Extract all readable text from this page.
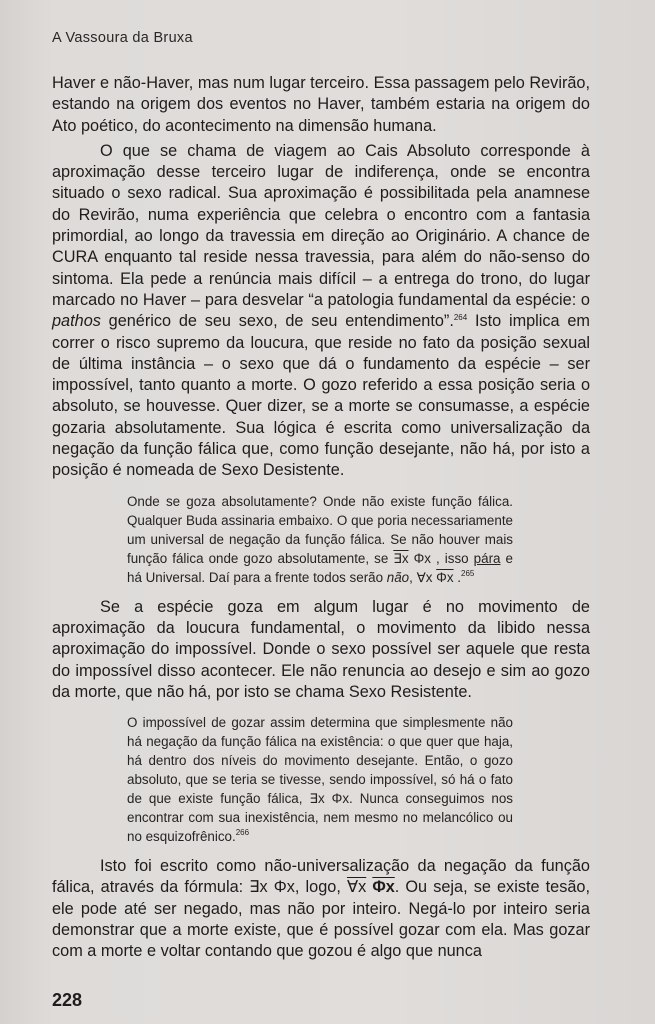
A Vassoura da Bruxa

Haver e não-Haver, mas num lugar terceiro. Essa passagem pelo Revirão, estando na origem dos eventos no Haver, também estaria na origem do Ato poético, do acontecimento na dimensão humana.

O que se chama de viagem ao Cais Absoluto corresponde à aproximação desse terceiro lugar de indiferença, onde se encontra situado o sexo radical. Sua aproximação é possibilitada pela anamnese do Revirão, numa experiência que celebra o encontro com a fantasia primordial, ao longo da travessia em direção ao Originário. A chance de CURA enquanto tal reside nessa travessia, para além do não-senso do sintoma. Ela pede a renúncia mais difícil – a entrega do trono, do lugar marcado no Haver – para desvelar “a patologia fundamental da espécie: o pathos genérico de seu sexo, de seu entendimento”.$^{264}$ Isto implica em correr o risco supremo da loucura, que reside no fato da posição sexual de última instância – o sexo que dá o fundamento da espécie – ser impossível, tanto quanto a morte. O gozo referido a essa posição seria o absoluto, se houvesse. Quer dizer, se a morte se consumasse, a espécie gozaria absolutamente. Sua lógica é escrita como universalização da negação da função fálica que, como função desejante, não há, por isto a posição é nomeada de Sexo Desistente.

Onde se goza absolutamente? Onde não existe função fálica. Qualquer Buda assinaria embaixo. O que poria necessariamente um universal de negação da função fálica. Se não houver mais função fálica onde gozo absolutamente, se ∃x Φx , isso pára e há Universal. Daí para a frente todos serão não, ∀x $\overline{\Phi x}$ .$^{265}$

Se a espécie goza em algum lugar é no movimento de aproximação da loucura fundamental, o movimento da libido nessa aproximação do impossível. Donde o sexo possível ser aquele que resta do impossível disso acontecer. Ele não renuncia ao desejo e sim ao gozo da morte, que não há, por isto se chama Sexo Resistente.

O impossível de gozar assim determina que simplesmente não há negação da função fálica na existência: o que quer que haja, há dentro dos níveis do movimento desejante. Então, o gozo absoluto, que se teria se tivesse, sendo impossível, só há o fato de que existe função fálica, ∃x Φx. Nunca conseguimos nos encontrar com sua inexistência, nem mesmo no melancólico ou no esquizofrênico.$^{266}$

Isto foi escrito como não-universalização da negação da função fálica, através da fórmula: ∃x Φx, logo, ∀x $\overline{\Phi x}$. Ou seja, se existe tesão, ele pode até ser negado, mas não por inteiro. Negá-lo por inteiro seria demonstrar que a morte existe, que é possível gozar com ela. Mas gozar com a morte e voltar contando que gozou é algo que nunca

228
